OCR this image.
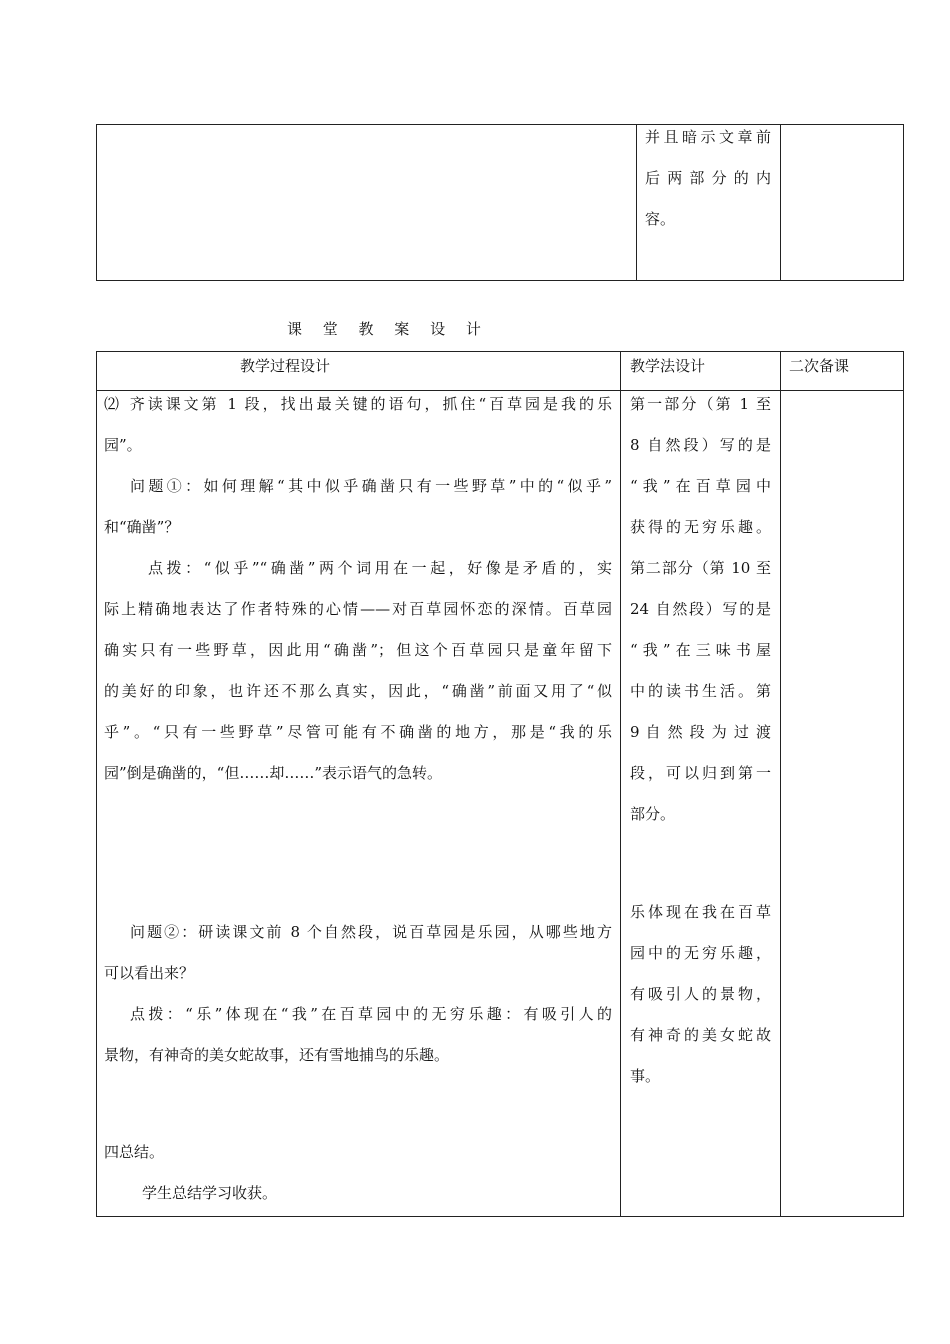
并且暗示文章前

后两部分的内

容。

课 堂 教 案 设 计
教学过程设计	教学法设计	二次备课

⑵ 齐读课文第 1 段，找出最关键的语句，抓住“百草园是我的乐

园”。

问题①：如何理解“其中似乎确凿只有一些野草”中的“似乎”

和“确凿”？

点拨：“似乎”“确凿”两个词用在一起，好像是矛盾的，实

际上精确地表达了作者特殊的心情——对百草园怀恋的深情。百草园

确实只有一些野草，因此用“确凿”；但这个百草园只是童年留下

的美好的印象，也许还不那么真实，因此，“确凿”前面又用了“似

乎”。“只有一些野草”尽管可能有不确凿的地方，那是“我的乐

园”倒是确凿的，“但……却……”表示语气的急转。

问题②：研读课文前 8 个自然段，说百草园是乐园，从哪些地方

可以看出来？

点拨：“乐”体现在“我”在百草园中的无穷乐趣：有吸引人的

景物，有神奇的美女蛇故事，还有雪地捕鸟的乐趣。

四总结。

学生总结学习收获。

第一部分（第 1 至

8 自然段）写的是

“我”在百草园中

获得的无穷乐趣。

第二部分（第 10 至

24 自然段）写的是

“我”在三味书屋

中的读书生活。第

9 自 然 段 为 过 渡

段，可以归到第一

部分。

乐体现在我在百草

园中的无穷乐趣，

有吸引人的景物，

有神奇的美女蛇故

事。
